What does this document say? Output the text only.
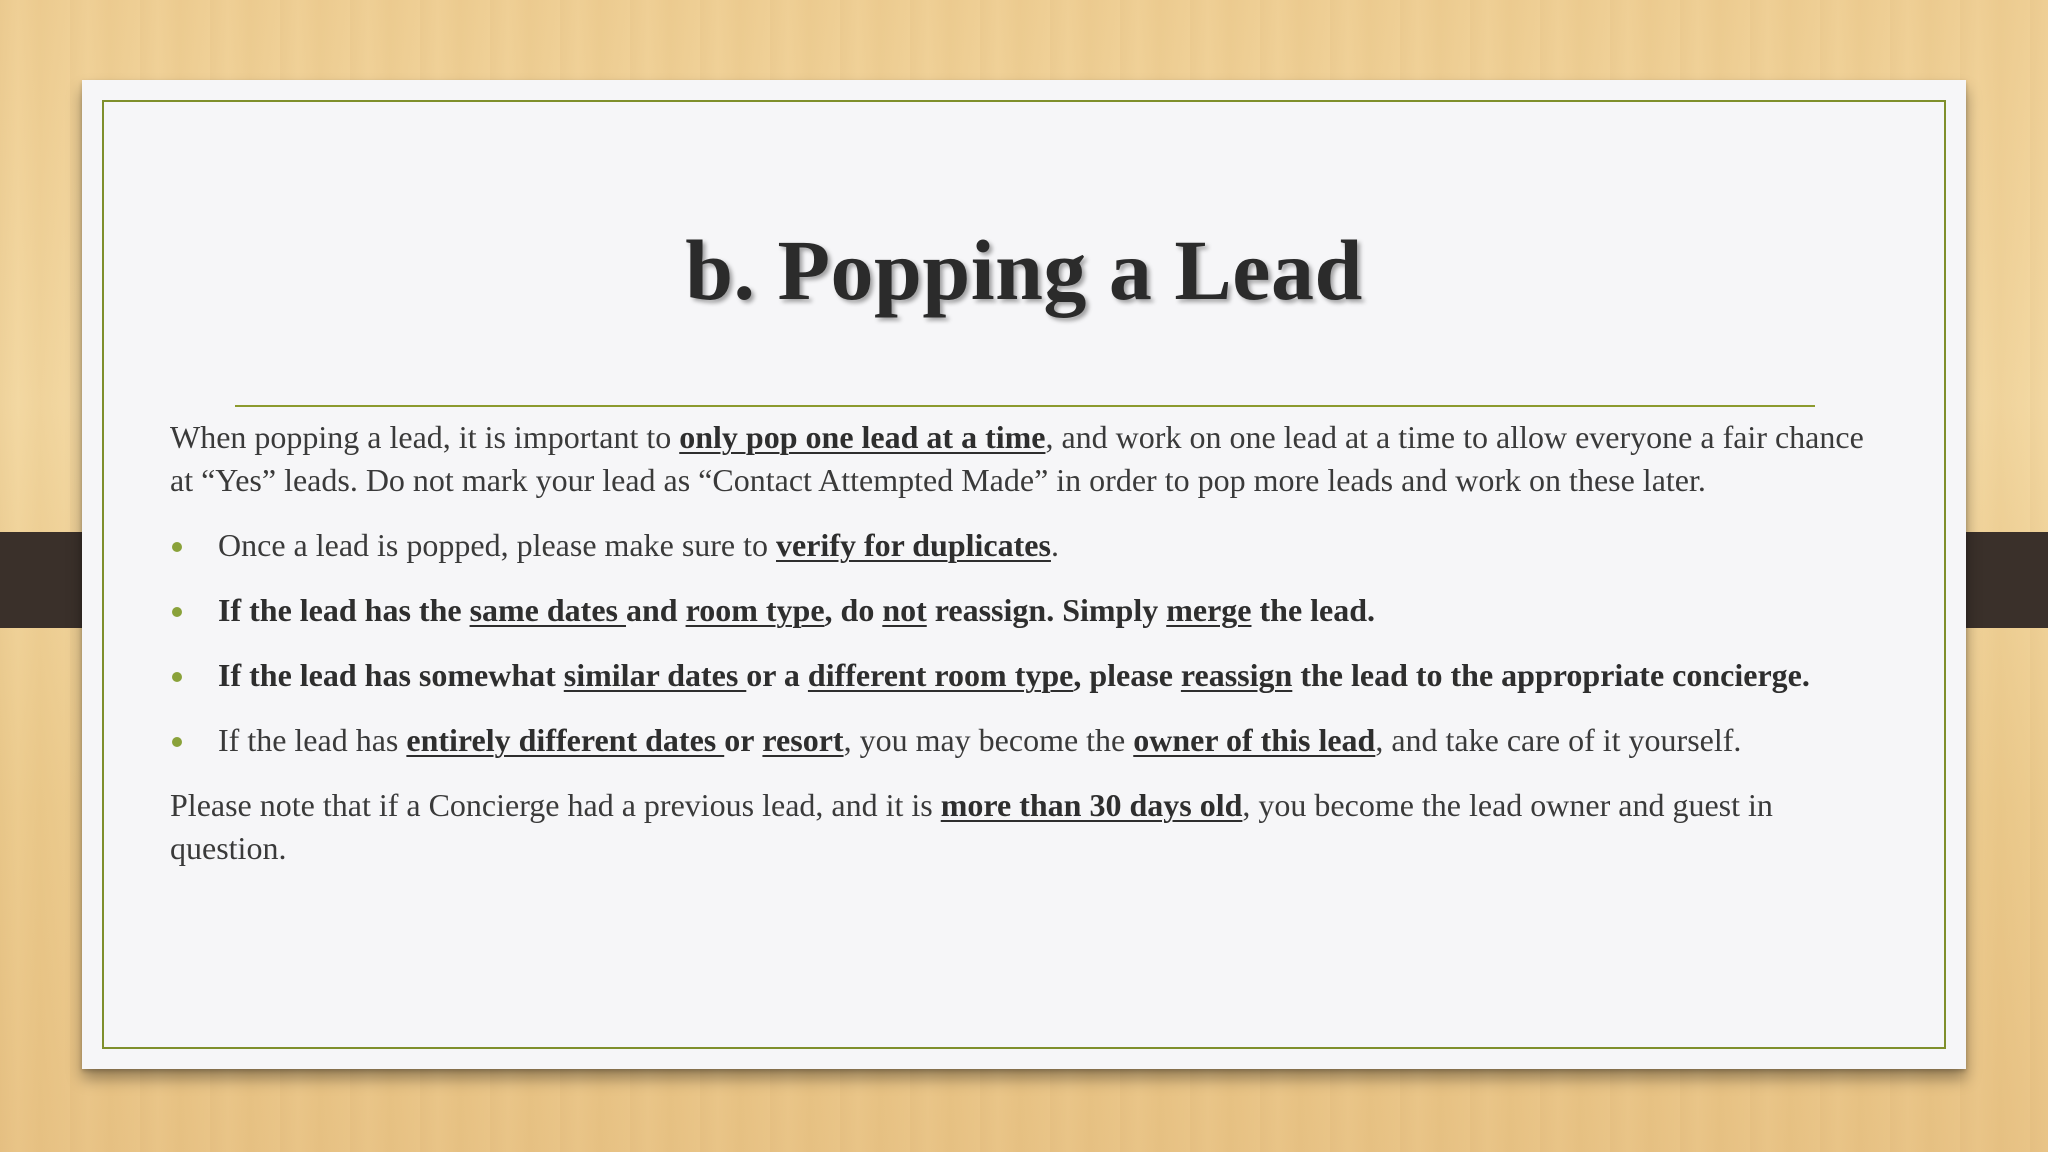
b. Popping a Lead

When popping a lead, it is important to only pop one lead at a time, and work on one lead at a time to allow everyone a fair chance at “Yes” leads. Do not mark your lead as “Contact Attempted Made” in order to pop more leads and work on these later.

Once a lead is popped, please make sure to verify for duplicates.
If the lead has the same dates and room type, do not reassign. Simply merge the lead.
If the lead has somewhat similar dates or a different room type, please reassign the lead to the appropriate concierge.
If the lead has entirely different dates or resort, you may become the owner of this lead, and take care of it yourself.

Please note that if a Concierge had a previous lead, and it is more than 30 days old, you become the lead owner and guest in question.
